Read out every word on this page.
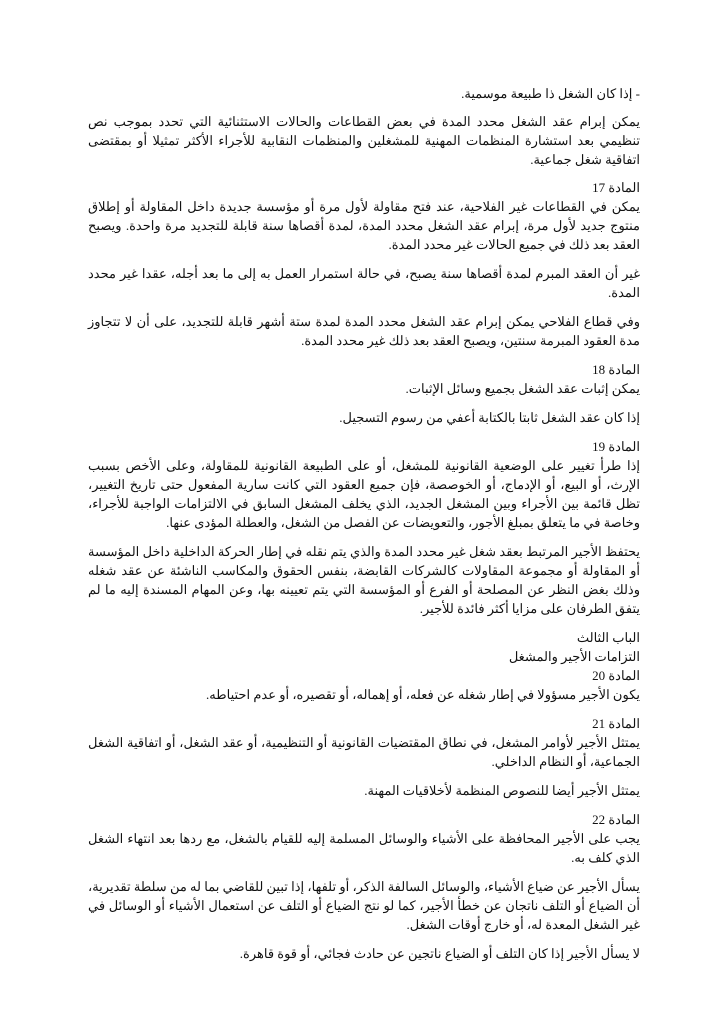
- إذا كان الشغل ذا طبيعة موسمية.

يمكن إبرام عقد الشغل محدد المدة في بعض القطاعات والحالات الاستثنائية التي تحدد بموجب نص تنظيمي بعد استشارة المنظمات المهنية للمشغلين والمنظمات النقابية للأجراء الأكثر تمثيلا أو بمقتضى اتفاقية شغل جماعية.

المادة 17

يمكن في القطاعات غير الفلاحية، عند فتح مقاولة لأول مرة أو مؤسسة جديدة داخل المقاولة أو إطلاق منتوج جديد لأول مرة، إبرام عقد الشغل محدد المدة، لمدة أقصاها سنة قابلة للتجديد مرة واحدة. ويصبح العقد بعد ذلك في جميع الحالات غير محدد المدة.

غير أن العقد المبرم لمدة أقصاها سنة يصبح، في حالة استمرار العمل به إلى ما بعد أجله، عقدا غير محدد المدة.

وفي قطاع الفلاحي يمكن إبرام عقد الشغل محدد المدة لمدة ستة أشهر قابلة للتجديد، على أن لا تتجاوز مدة العقود المبرمة سنتين، ويصبح العقد بعد ذلك غير محدد المدة.

المادة 18

يمكن إثبات عقد الشغل بجميع وسائل الإثبات.

إذا كان عقد الشغل ثابتا بالكتابة أعفي من رسوم التسجيل.

المادة 19

إذا طرأ تغيير على الوضعية القانونية للمشغل، أو على الطبيعة القانونية للمقاولة، وعلى الأخص بسبب الإرث، أو البيع، أو الإدماج، أو الخوصصة، فإن جميع العقود التي كانت سارية المفعول حتى تاريخ التغيير، تظل قائمة بين الأجراء وبين المشغل الجديد، الذي يخلف المشغل السابق في الالتزامات الواجبة للأجراء، وخاصة في ما يتعلق بمبلغ الأجور، والتعويضات عن الفصل من الشغل، والعطلة المؤدى عنها.

يحتفظ الأجير المرتبط بعقد شغل غير محدد المدة والذي يتم نقله في إطار الحركة الداخلية داخل المؤسسة أو المقاولة أو مجموعة المقاولات كالشركات القابضة، بنفس الحقوق والمكاسب الناشئة عن عقد شغله وذلك بغض النظر عن المصلحة أو الفرع أو المؤسسة التي يتم تعيينه بها، وعن المهام المسندة إليه ما لم يتفق الطرفان على مزايا أكثر فائدة للأجير.

الباب الثالث

التزامات الأجير والمشغل

المادة 20

يكون الأجير مسؤولا في إطار شغله عن فعله، أو إهماله، أو تقصيره، أو عدم احتياطه.

المادة 21

يمتثل الأجير لأوامر المشغل، في نطاق المقتضيات القانونية أو التنظيمية، أو عقد الشغل، أو اتفاقية الشغل الجماعية، أو النظام الداخلي.

يمتثل الأجير أيضا للنصوص المنظمة لأخلاقيات المهنة.

المادة 22

يجب على الأجير المحافظة على الأشياء والوسائل المسلمة إليه للقيام بالشغل، مع ردها بعد انتهاء الشغل الذي كلف به.

يسأل الأجير عن ضياع الأشياء، والوسائل السالفة الذكر، أو تلفها، إذا تبين للقاضي بما له من سلطة تقديرية، أن الضياع أو التلف ناتجان عن خطأ الأجير، كما لو نتج الضياع أو التلف عن استعمال الأشياء أو الوسائل في غير الشغل المعدة له، أو خارج أوقات الشغل.

لا يسأل الأجير إذا كان التلف أو الضياع ناتجين عن حادث فجائي، أو قوة قاهرة.
